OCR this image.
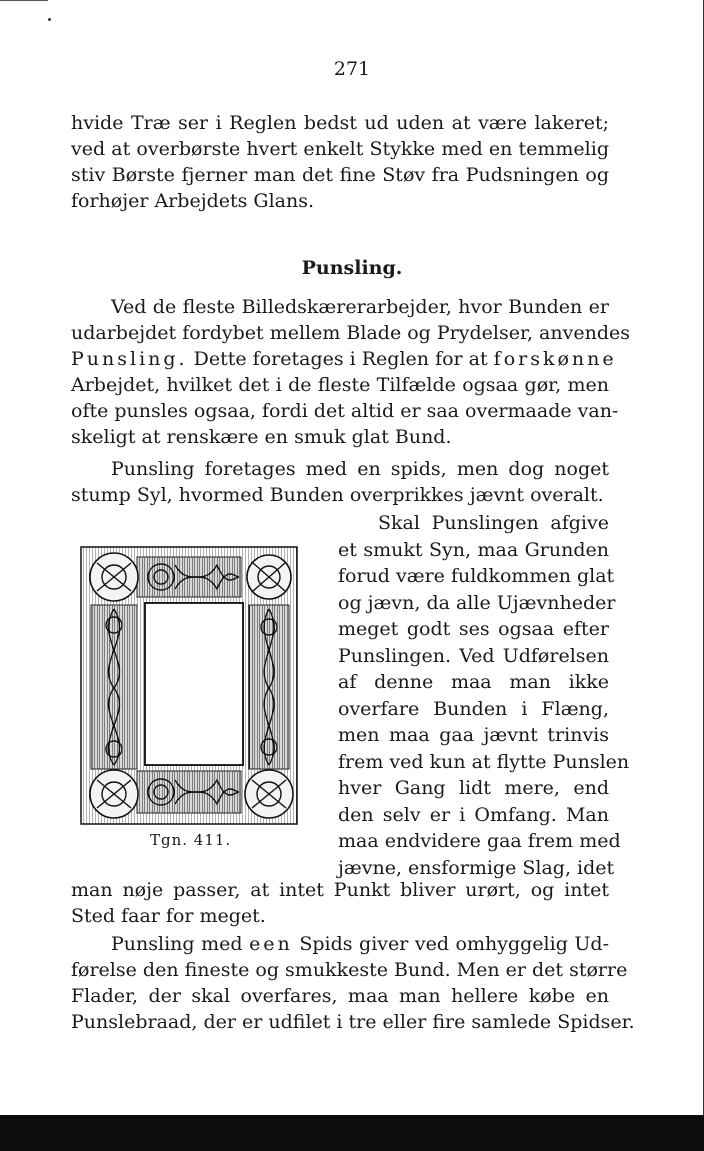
271
hvide Træ ser i Reglen bedst ud uden at være lakeret;
ved at overbørste hvert enkelt Stykke med en temmelig
stiv Børste fjerner man det fine Støv fra Pudsningen og
forhøjer Arbejdets Glans.
Punsling.
Ved de fleste Billedskærerarbejder, hvor Bunden er
udarbejdet fordybet mellem Blade og Prydelser, anvendes
Punsling. Dette foretages i Reglen for at forskønne
Arbejdet, hvilket det i de fleste Tilfælde ogsaa gør, men
ofte punsles ogsaa, fordi det altid er saa overmaade van-
skeligt at renskære en smuk glat Bund.
Punsling foretages med en spids, men dog noget
stump Syl, hvormed Bunden overprikkes jævnt overalt.
Skal Punslingen afgive
et smukt Syn, maa Grunden
forud være fuldkommen glat
og jævn, da alle Ujævnheder
meget godt ses ogsaa efter
Punslingen. Ved Udførelsen
af denne maa man ikke
overfare Bunden i Flæng,
men maa gaa jævnt trinvis
frem ved kun at flytte Punslen
hver Gang lidt mere, end
den selv er i Omfang. Man
maa endvidere gaa frem med
jævne, ensformige Slag, idet
Tgn. 411.
man nøje passer, at intet Punkt bliver urørt, og intet
Sted faar for meget.
Punsling med een Spids giver ved omhyggelig Ud-
førelse den fineste og smukkeste Bund. Men er det større
Flader, der skal overfares, maa man hellere købe en
Punslebraad, der er udfilet i tre eller fire samlede Spidser.
